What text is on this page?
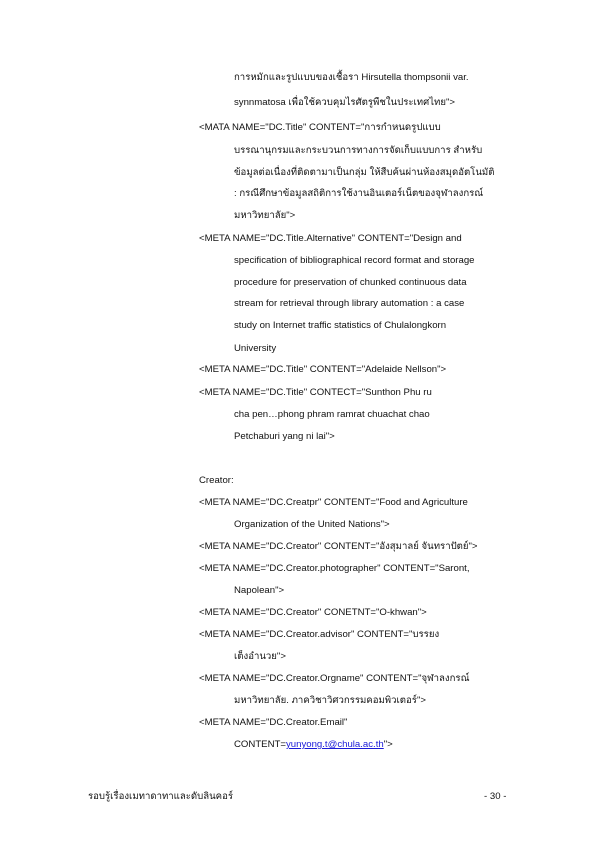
การหมักและรูปแบบของเชื้อรา Hirsutella thompsonii var.
synnmatosa เพื่อใช้ควบคุมไรศัตรูพืชในประเทศไทย">
<MATA NAME="DC.Title" CONTENT="การกำหนดรูปแบบ
บรรณานุกรมและกระบวนการทางการจัดเก็บแบบการ สำหรับ
ข้อมูลต่อเนื่องที่ติดตามาเป็นกลุ่ม ให้สืบค้นผ่านห้องสมุดอัตโนมัติ
: กรณีศึกษาข้อมูลสถิติการใช้งานอินเตอร์เน็ตของจุฬาลงกรณ์
มหาวิทยาลัย">
<META NAME="DC.Title.Alternative" CONTENT="Design and
specification of bibliographical record format and storage
procedure for preservation of chunked continuous data
stream for retrieval through library automation : a case
study on Internet traffic statistics of Chulalongkorn
University
<META NAME="DC.Title" CONTENT="Adelaide Nellson">
<META NAME="DC.Title" CONTECT="Sunthon Phu ru
cha pen…phong phram ramrat chuachat chao
Petchaburi yang ni lai">
Creator:
<META NAME="DC.Creatpr" CONTENT="Food and Agriculture
Organization of the United Nations">
<META NAME="DC.Creator" CONTENT="อังสุมาลย์ จันทราปัตย์">
<META NAME="DC.Creator.photographer" CONTENT="Saront,
Napolean">
<META NAME="DC.Creator" CONETNT="O-khwan">
<META NAME="DC.Creator.advisor" CONTENT="บรรยง
เต็งอำนวย">
<META NAME="DC.Creator.Orgname" CONTENT="จุฬาลงกรณ์
มหาวิทยาลัย. ภาควิชาวิศวกรรมคอมพิวเตอร์">
<META NAME="DC.Creator.Email"
CONTENT=yunyong.t@chula.ac.th">
รอบรู้เรื่องเมทาดาทาและดับลินคอร์	- 30 -
